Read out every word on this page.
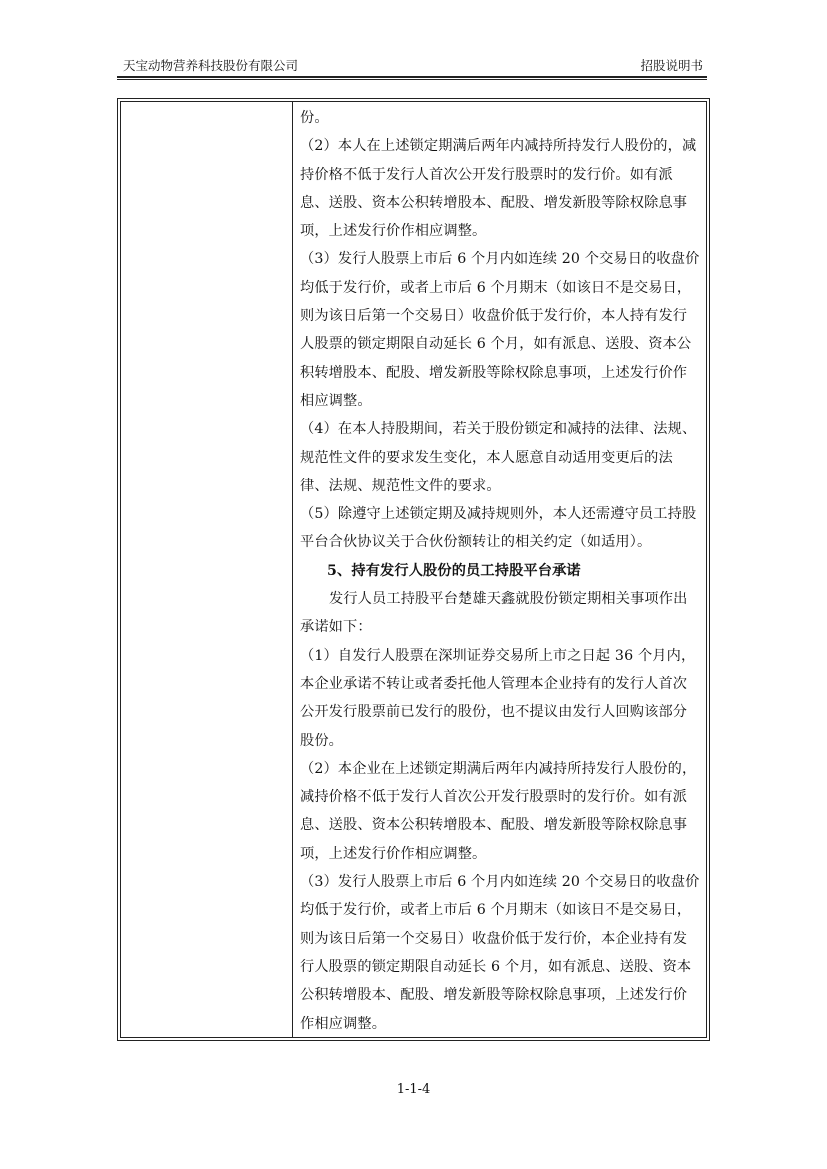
天宝动物营养科技股份有限公司	招股说明书
份。
（2）本人在上述锁定期满后两年内减持所持发行人股份的，减
持价格不低于发行人首次公开发行股票时的发行价。如有派
息、送股、资本公积转增股本、配股、增发新股等除权除息事
项，上述发行价作相应调整。
（3）发行人股票上市后 6 个月内如连续 20 个交易日的收盘价
均低于发行价，或者上市后 6 个月期末（如该日不是交易日，
则为该日后第一个交易日）收盘价低于发行价，本人持有发行
人股票的锁定期限自动延长 6 个月，如有派息、送股、资本公
积转增股本、配股、增发新股等除权除息事项，上述发行价作
相应调整。
（4）在本人持股期间，若关于股份锁定和减持的法律、法规、
规范性文件的要求发生变化，本人愿意自动适用变更后的法
律、法规、规范性文件的要求。
（5）除遵守上述锁定期及减持规则外，本人还需遵守员工持股
平台合伙协议关于合伙份额转让的相关约定（如适用）。
5、持有发行人股份的员工持股平台承诺
发行人员工持股平台楚雄天鑫就股份锁定期相关事项作出
承诺如下：
（1）自发行人股票在深圳证券交易所上市之日起 36 个月内，
本企业承诺不转让或者委托他人管理本企业持有的发行人首次
公开发行股票前已发行的股份，也不提议由发行人回购该部分
股份。
（2）本企业在上述锁定期满后两年内减持所持发行人股份的，
减持价格不低于发行人首次公开发行股票时的发行价。如有派
息、送股、资本公积转增股本、配股、增发新股等除权除息事
项，上述发行价作相应调整。
（3）发行人股票上市后 6 个月内如连续 20 个交易日的收盘价
均低于发行价，或者上市后 6 个月期末（如该日不是交易日，
则为该日后第一个交易日）收盘价低于发行价，本企业持有发
行人股票的锁定期限自动延长 6 个月，如有派息、送股、资本
公积转增股本、配股、增发新股等除权除息事项，上述发行价
作相应调整。
1-1-4
